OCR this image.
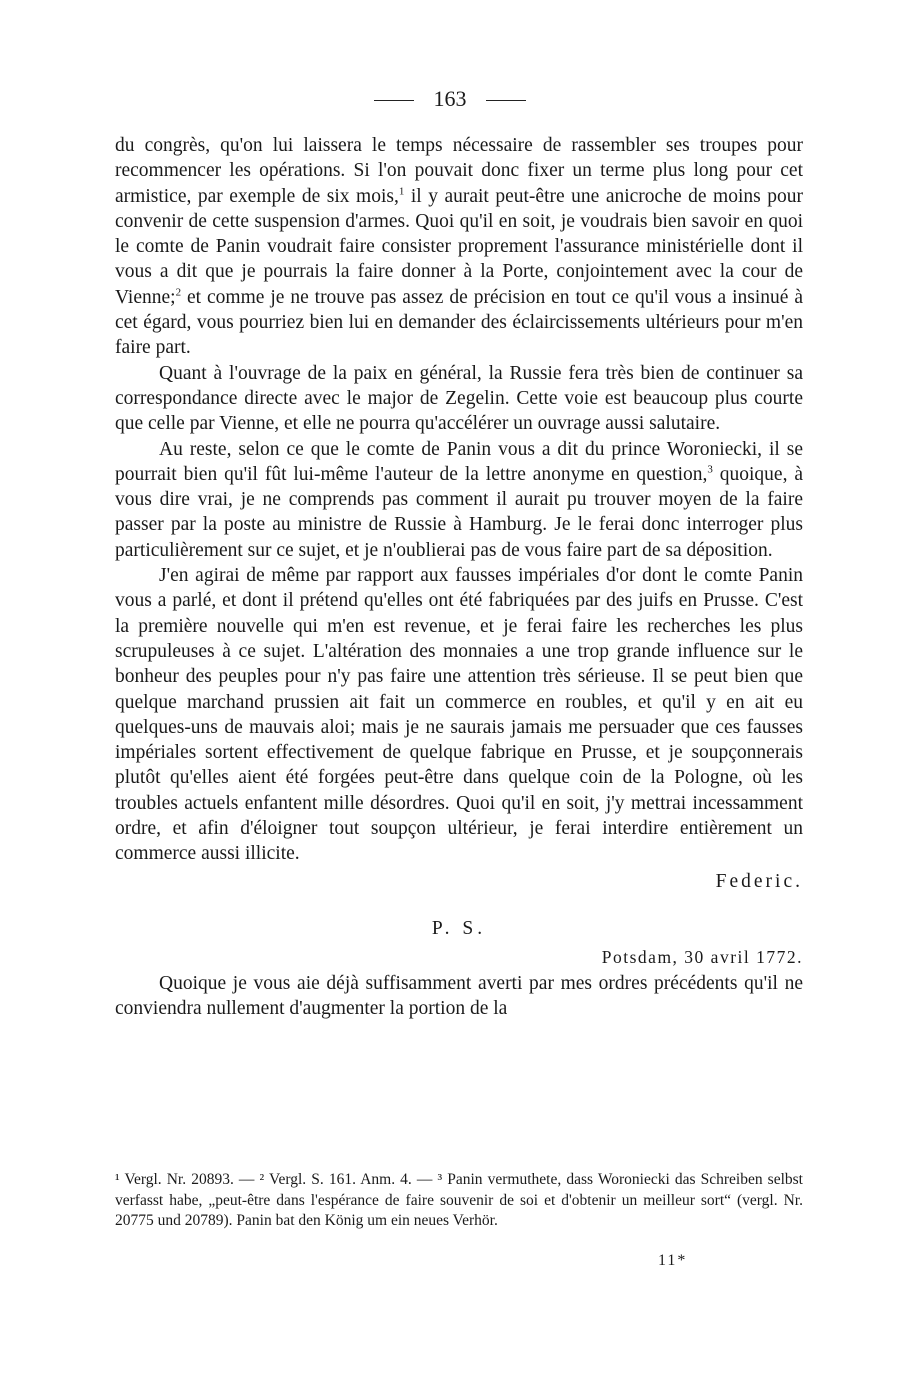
163

du congrès, qu'on lui laissera le temps nécessaire de rassembler ses troupes pour recommencer les opérations. Si l'on pouvait donc fixer un terme plus long pour cet armistice, par exemple de six mois,$^1$ il y aurait peut-être une anicroche de moins pour convenir de cette suspension d'armes. Quoi qu'il en soit, je voudrais bien savoir en quoi le comte de Panin voudrait faire consister proprement l'assurance ministérielle dont il vous a dit que je pourrais la faire donner à la Porte, conjointement avec la cour de Vienne;$^2$ et comme je ne trouve pas assez de précision en tout ce qu'il vous a insinué à cet égard, vous pourriez bien lui en demander des éclaircissements ultérieurs pour m'en faire part.

Quant à l'ouvrage de la paix en général, la Russie fera très bien de continuer sa correspondance directe avec le major de Zegelin. Cette voie est beaucoup plus courte que celle par Vienne, et elle ne pourra qu'accélérer un ouvrage aussi salutaire.

Au reste, selon ce que le comte de Panin vous a dit du prince Woroniecki, il se pourrait bien qu'il fût lui-même l'auteur de la lettre anonyme en question,$^3$ quoique, à vous dire vrai, je ne comprends pas comment il aurait pu trouver moyen de la faire passer par la poste au ministre de Russie à Hamburg. Je le ferai donc interroger plus particulièrement sur ce sujet, et je n'oublierai pas de vous faire part de sa déposition.

J'en agirai de même par rapport aux fausses impériales d'or dont le comte Panin vous a parlé, et dont il prétend qu'elles ont été fabriquées par des juifs en Prusse. C'est la première nouvelle qui m'en est revenue, et je ferai faire les recherches les plus scrupuleuses à ce sujet. L'altération des monnaies a une trop grande influence sur le bonheur des peuples pour n'y pas faire une attention très sérieuse. Il se peut bien que quelque marchand prussien ait fait un commerce en roubles, et qu'il y en ait eu quelques-uns de mauvais aloi; mais je ne saurais jamais me persuader que ces fausses impériales sortent effectivement de quelque fabrique en Prusse, et je soupçonnerais plutôt qu'elles aient été forgées peut-être dans quelque coin de la Pologne, où les troubles actuels enfantent mille désordres. Quoi qu'il en soit, j'y mettrai incessamment ordre, et afin d'éloigner tout soupçon ultérieur, je ferai interdire entièrement un commerce aussi illicite.

Federic.
P. S.
Potsdam, 30 avril 1772.

Quoique je vous aie déjà suffisamment averti par mes ordres précédents qu'il ne conviendra nullement d'augmenter la portion de la

¹ Vergl. Nr. 20893. — ² Vergl. S. 161. Anm. 4. — ³ Panin vermuthete, dass Woroniecki das Schreiben selbst verfasst habe, „peut-être dans l'espérance de faire souvenir de soi et d'obtenir un meilleur sort“ (vergl. Nr. 20775 und 20789). Panin bat den König um ein neues Verhör.
11*
